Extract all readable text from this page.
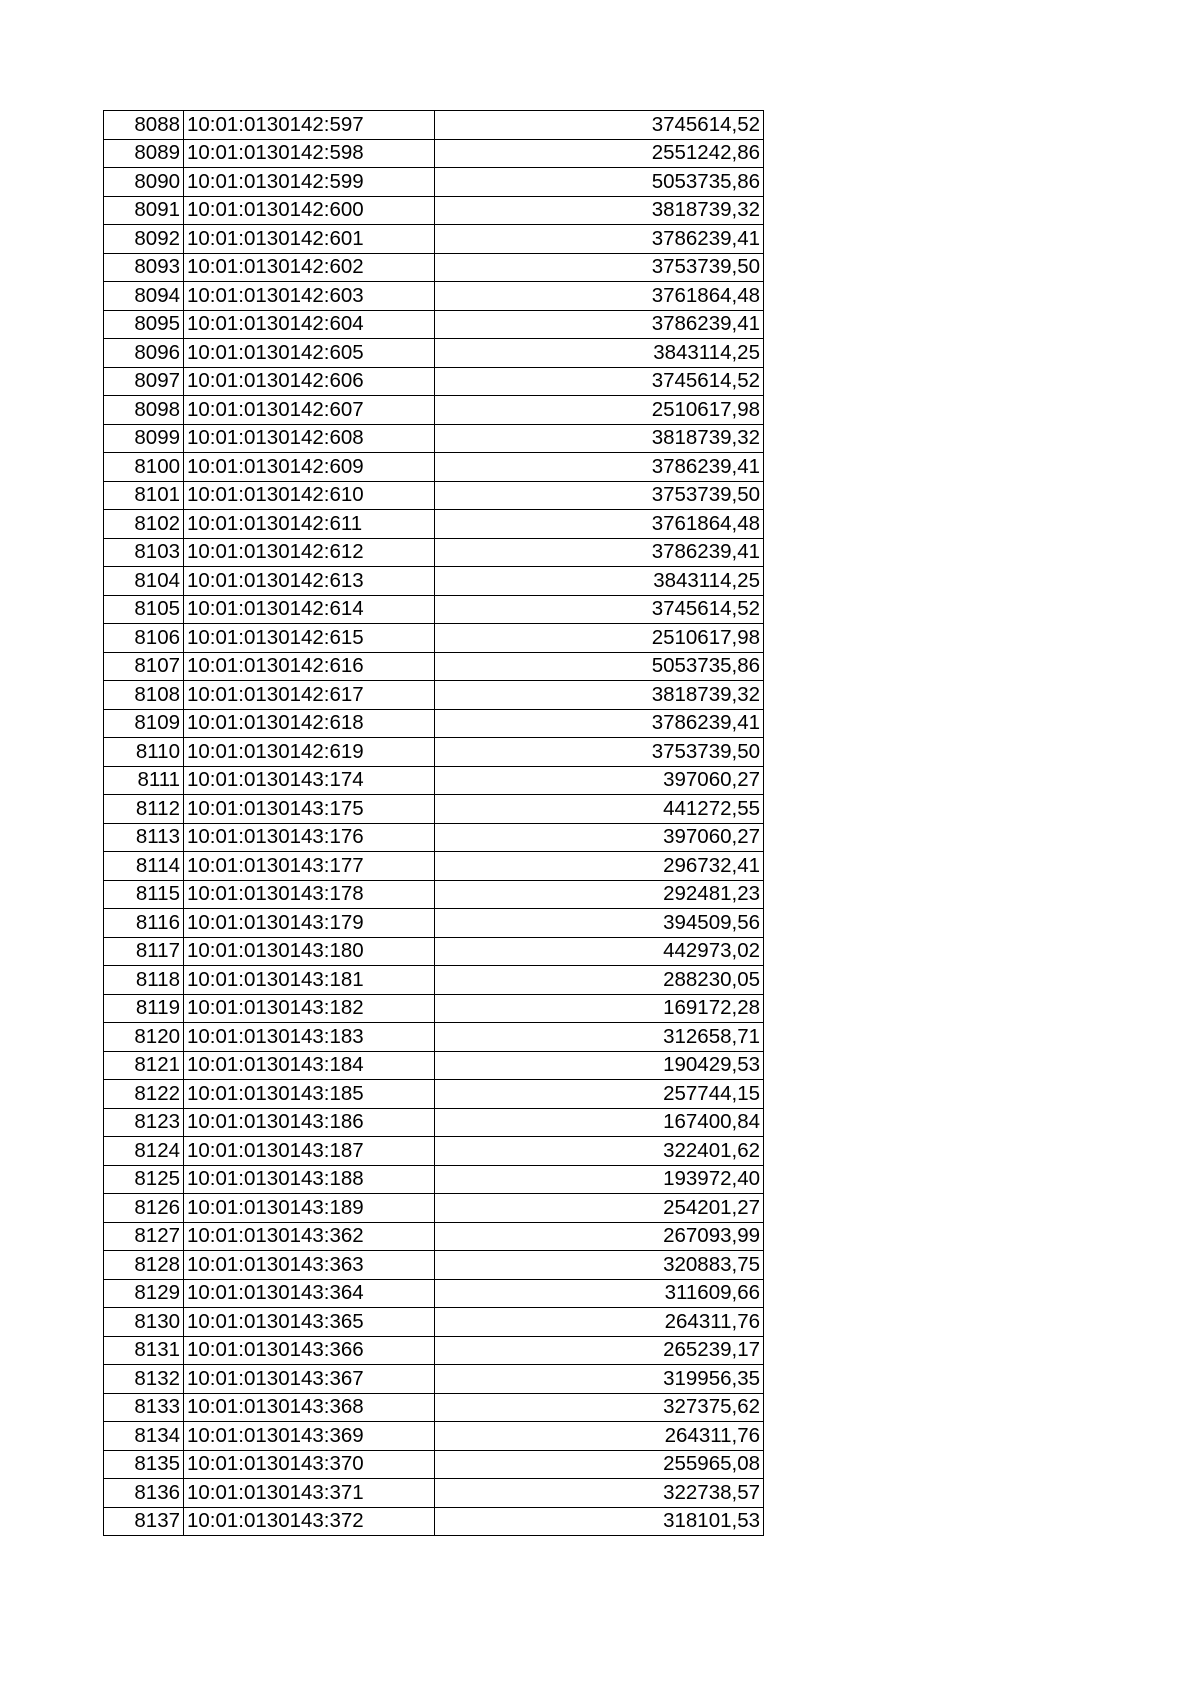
8088	10:01:0130142:597	3745614,52
8089	10:01:0130142:598	2551242,86
8090	10:01:0130142:599	5053735,86
8091	10:01:0130142:600	3818739,32
8092	10:01:0130142:601	3786239,41
8093	10:01:0130142:602	3753739,50
8094	10:01:0130142:603	3761864,48
8095	10:01:0130142:604	3786239,41
8096	10:01:0130142:605	3843114,25
8097	10:01:0130142:606	3745614,52
8098	10:01:0130142:607	2510617,98
8099	10:01:0130142:608	3818739,32
8100	10:01:0130142:609	3786239,41
8101	10:01:0130142:610	3753739,50
8102	10:01:0130142:611	3761864,48
8103	10:01:0130142:612	3786239,41
8104	10:01:0130142:613	3843114,25
8105	10:01:0130142:614	3745614,52
8106	10:01:0130142:615	2510617,98
8107	10:01:0130142:616	5053735,86
8108	10:01:0130142:617	3818739,32
8109	10:01:0130142:618	3786239,41
8110	10:01:0130142:619	3753739,50
8111	10:01:0130143:174	397060,27
8112	10:01:0130143:175	441272,55
8113	10:01:0130143:176	397060,27
8114	10:01:0130143:177	296732,41
8115	10:01:0130143:178	292481,23
8116	10:01:0130143:179	394509,56
8117	10:01:0130143:180	442973,02
8118	10:01:0130143:181	288230,05
8119	10:01:0130143:182	169172,28
8120	10:01:0130143:183	312658,71
8121	10:01:0130143:184	190429,53
8122	10:01:0130143:185	257744,15
8123	10:01:0130143:186	167400,84
8124	10:01:0130143:187	322401,62
8125	10:01:0130143:188	193972,40
8126	10:01:0130143:189	254201,27
8127	10:01:0130143:362	267093,99
8128	10:01:0130143:363	320883,75
8129	10:01:0130143:364	311609,66
8130	10:01:0130143:365	264311,76
8131	10:01:0130143:366	265239,17
8132	10:01:0130143:367	319956,35
8133	10:01:0130143:368	327375,62
8134	10:01:0130143:369	264311,76
8135	10:01:0130143:370	255965,08
8136	10:01:0130143:371	322738,57
8137	10:01:0130143:372	318101,53
